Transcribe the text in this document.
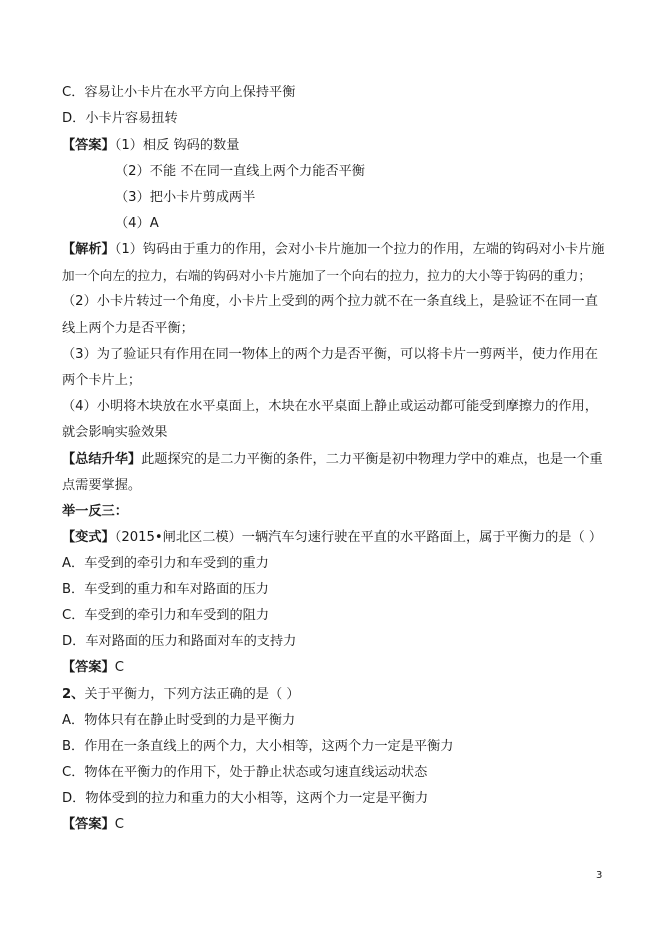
C．容易让小卡片在水平方向上保持平衡
D．小卡片容易扭转
【答案】（1）相反 钩码的数量
（2）不能 不在同一直线上两个力能否平衡
（3）把小卡片剪成两半
（4）A
【解析】（1）钩码由于重力的作用，会对小卡片施加一个拉力的作用，左端的钩码对小卡片施
加一个向左的拉力，右端的钩码对小卡片施加了一个向右的拉力，拉力的大小等于钩码的重力；
（2）小卡片转过一个角度，小卡片上受到的两个拉力就不在一条直线上，是验证不在同一直
线上两个力是否平衡；
（3）为了验证只有作用在同一物体上的两个力是否平衡，可以将卡片一剪两半，使力作用在
两个卡片上；
（4）小明将木块放在水平桌面上，木块在水平桌面上静止或运动都可能受到摩擦力的作用，
就会影响实验效果
【总结升华】此题探究的是二力平衡的条件，二力平衡是初中物理力学中的难点，也是一个重
点需要掌握。
举一反三：
【变式】（2015•闸北区二模）一辆汽车匀速行驶在平直的水平路面上，属于平衡力的是（ ）
A．车受到的牵引力和车受到的重力
B．车受到的重力和车对路面的压力
C．车受到的牵引力和车受到的阻力
D．车对路面的压力和路面对车的支持力
【答案】C
2、关于平衡力，下列方法正确的是（ ）
A．物体只有在静止时受到的力是平衡力
B．作用在一条直线上的两个力，大小相等，这两个力一定是平衡力
C．物体在平衡力的作用下，处于静止状态或匀速直线运动状态
D．物体受到的拉力和重力的大小相等，这两个力一定是平衡力
【答案】C
3
